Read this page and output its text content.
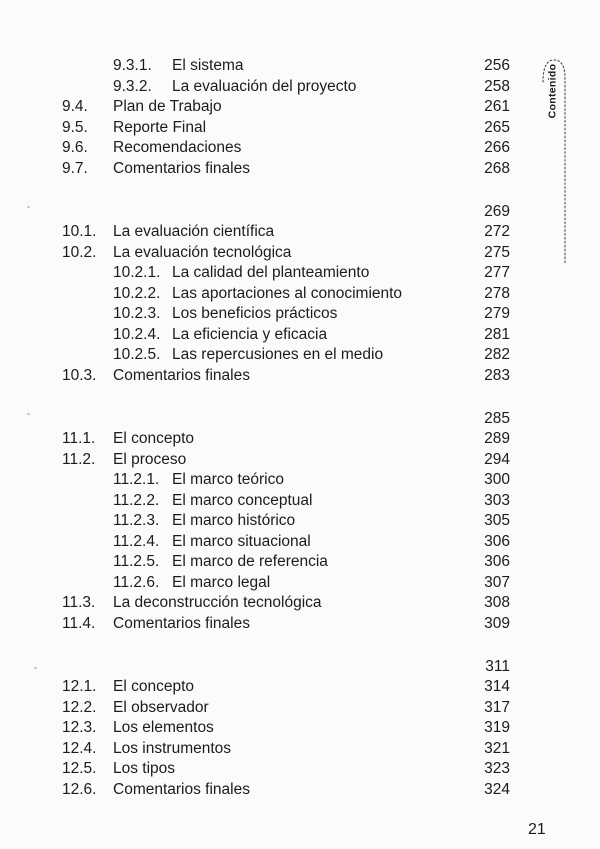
9.3.1.	El sistema	256
9.3.2.	La evaluación del proyecto	258
9.4.	Plan de Trabajo	261
9.5.	Reporte Final	265
9.6.	Recomendaciones	266
9.7.	Comentarios finales	268
269
10.1.	La evaluación científica	272
10.2.	La evaluación tecnológica	275
10.2.1. La calidad del planteamiento	277
10.2.2. Las aportaciones al conocimiento	278
10.2.3. Los beneficios prácticos	279
10.2.4. La eficiencia y eficacia	281
10.2.5. Las repercusiones en el medio	282
10.3.	Comentarios finales	283
285
11.1.	El concepto	289
11.2.	El proceso	294
11.2.1. El marco teórico	300
11.2.2. El marco conceptual	303
11.2.3. El marco histórico	305
11.2.4. El marco situacional	306
11.2.5. El marco de referencia	306
11.2.6. El marco legal	307
11.3.	La deconstrucción tecnológica	308
11.4.	Comentarios finales	309
311
12.1.	El concepto	314
12.2.	El observador	317
12.3.	Los elementos	319
12.4.	Los instrumentos	321
12.5.	Los tipos	323
12.6.	Comentarios finales	324
Contenido
21
